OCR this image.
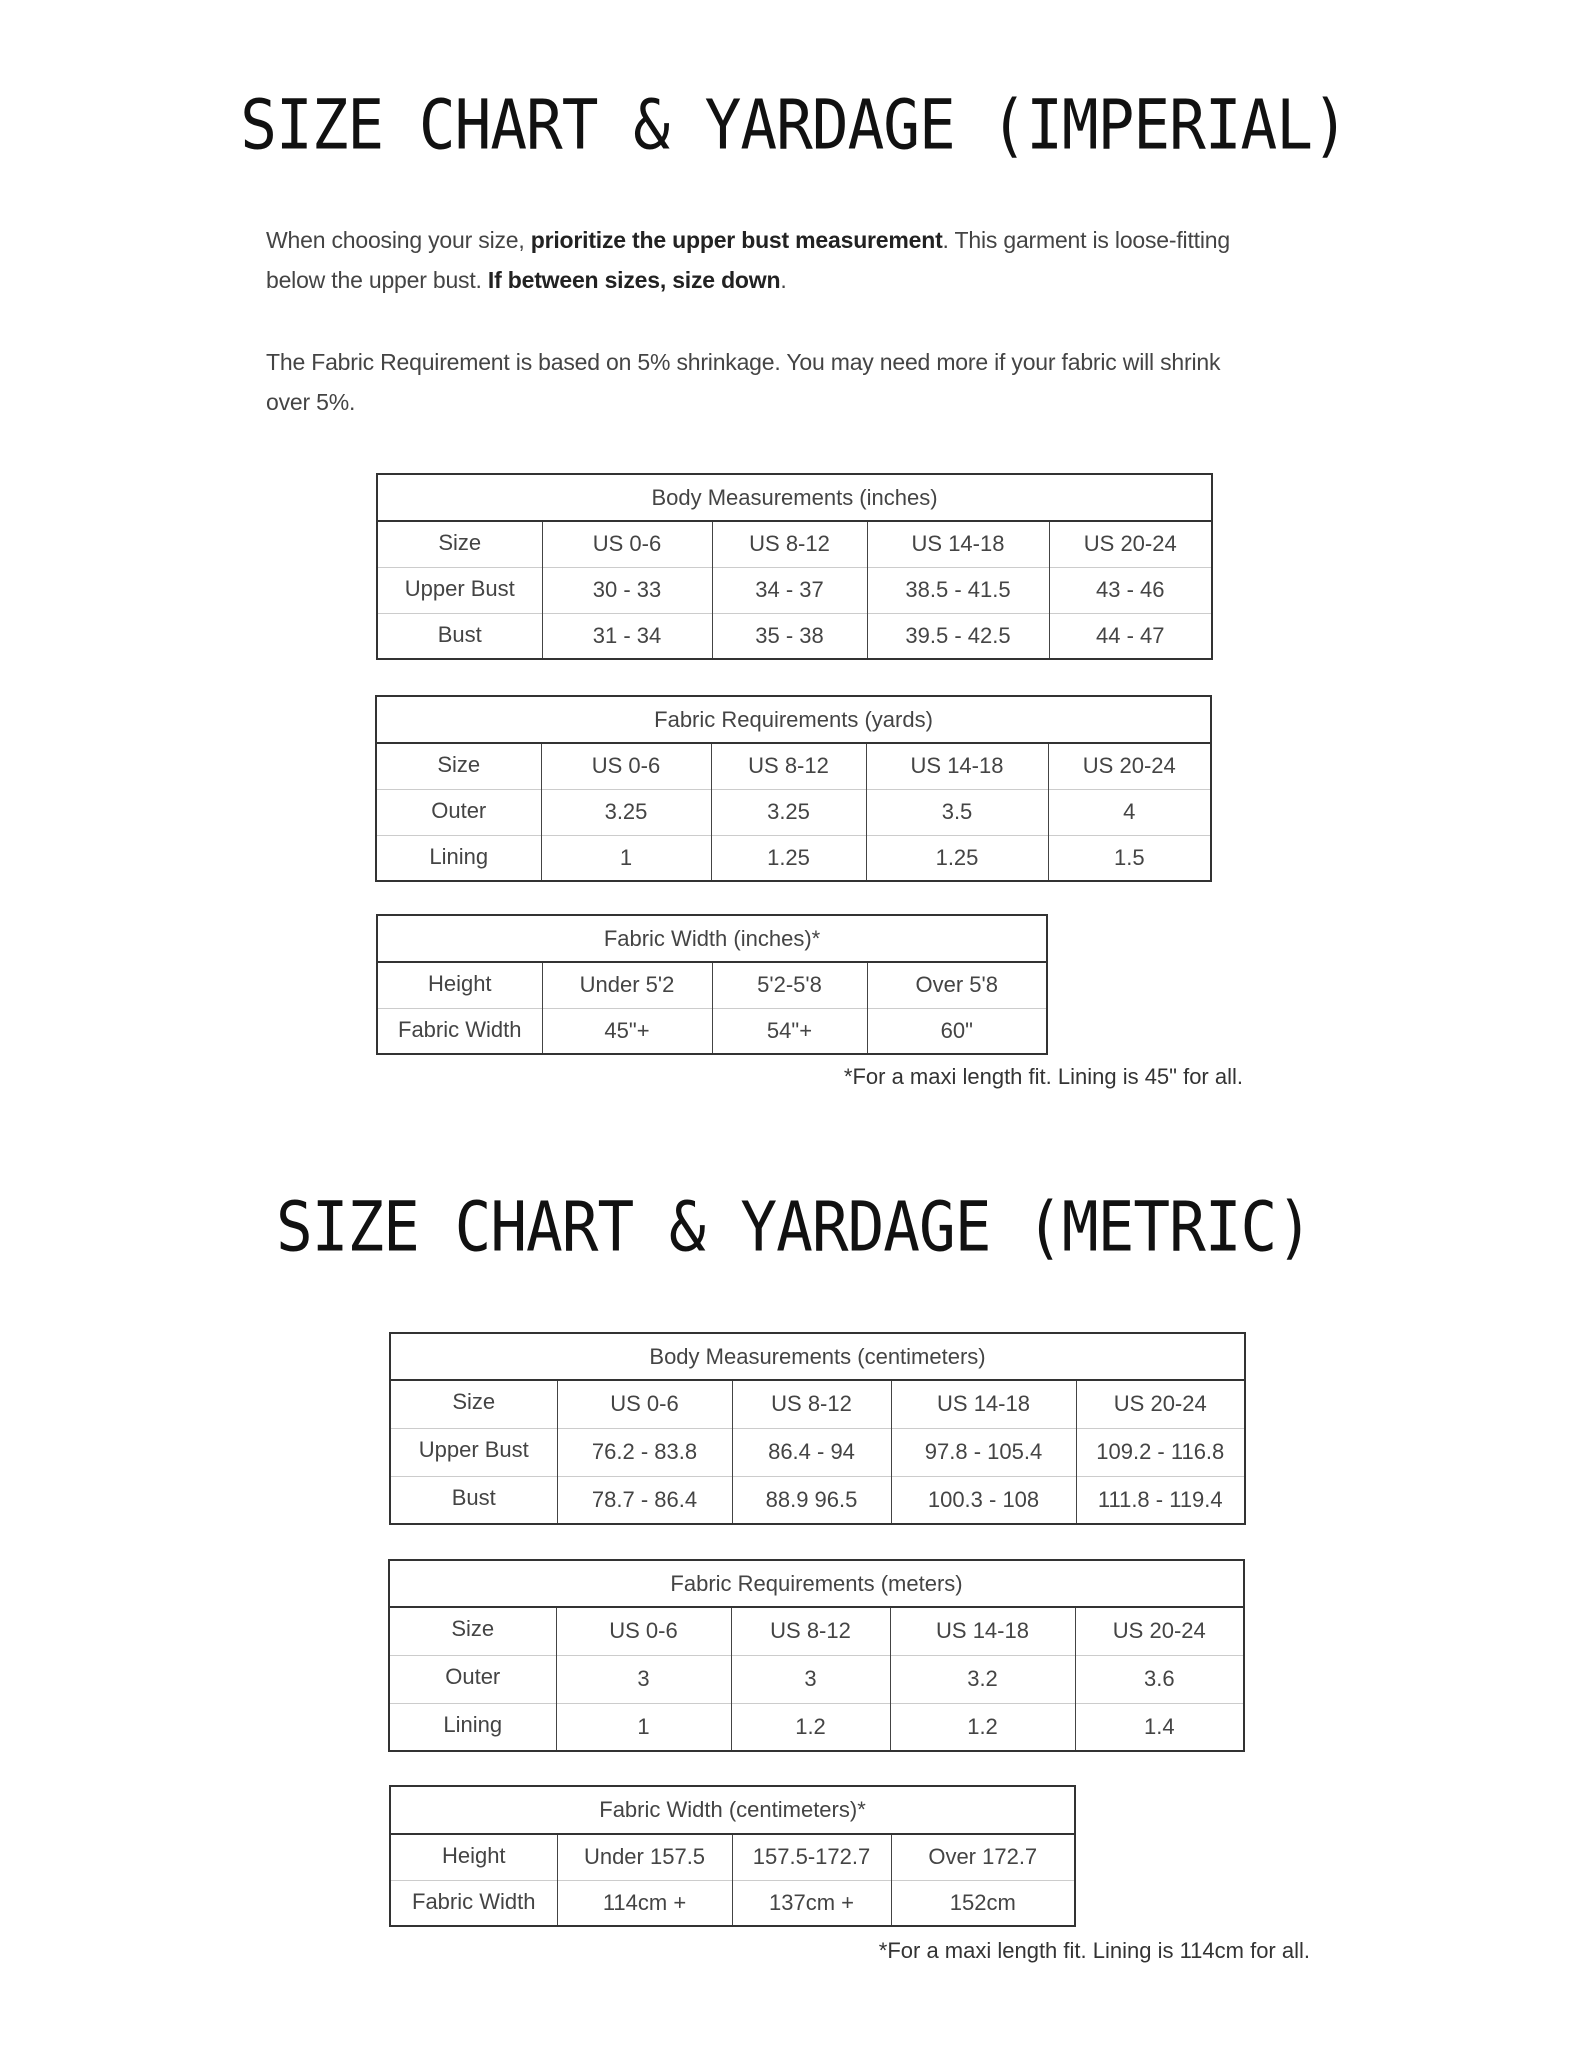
SIZE CHART & YARDAGE (IMPERIAL)

When choosing your size, prioritize the upper bust measurement. This garment is loose-fitting

below the upper bust. If between sizes, size down.

The Fabric Requirement is based on 5% shrinkage. You may need more if your fabric will shrink

over 5%.

Body Measurements (inches)				
Size	US 0-6	US 8-12	US 14-18	US 20-24
Upper Bust	30 - 33	34 - 37	38.5 - 41.5	43 - 46
Bust	31 - 34	35 - 38	39.5 - 42.5	44 - 47
Fabric Requirements (yards)				
Size	US 0-6	US 8-12	US 14-18	US 20-24
Outer	3.25	3.25	3.5	4
Lining	1	1.25	1.25	1.5
Fabric Width (inches)*			
Height	Under 5'2	5'2-5'8	Over 5'8
Fabric Width	45"+	54"+	60"
*For a maxi length fit. Lining is 45" for all.
SIZE CHART & YARDAGE (METRIC)
Body Measurements (centimeters)				
Size	US 0-6	US 8-12	US 14-18	US 20-24
Upper Bust	76.2 - 83.8	86.4 - 94	97.8 - 105.4	109.2 - 116.8
Bust	78.7 - 86.4	88.9 96.5	100.3 - 108	111.8 - 119.4
Fabric Requirements (meters)				
Size	US 0-6	US 8-12	US 14-18	US 20-24
Outer	3	3	3.2	3.6
Lining	1	1.2	1.2	1.4
Fabric Width (centimeters)*			
Height	Under 157.5	157.5-172.7	Over 172.7
Fabric Width	114cm +	137cm +	152cm
*For a maxi length fit. Lining is 114cm for all.
